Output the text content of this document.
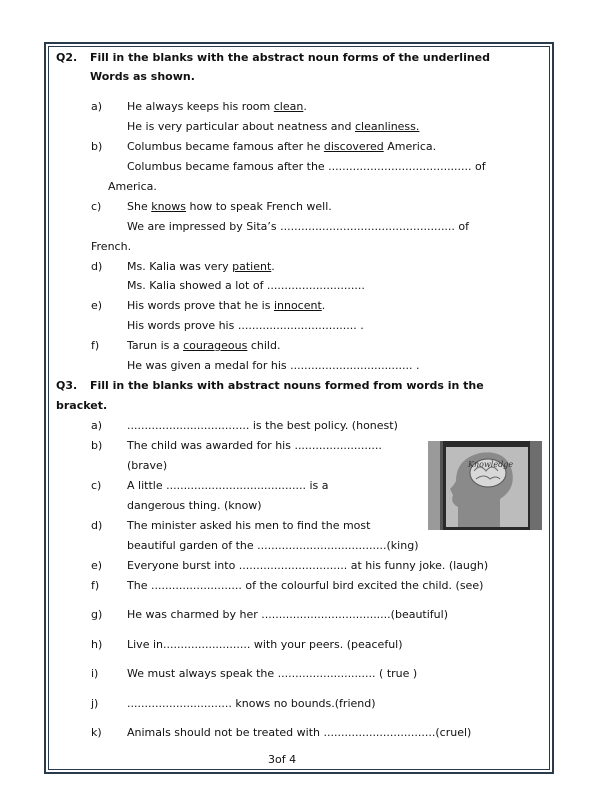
Q2. Fill in the blanks with the abstract noun forms of the underlined
Words as shown.
a) He always keeps his room clean.
He is very particular about neatness and cleanliness.
b) Columbus became famous after he discovered America.
Columbus became famous after the ......................................... of
America.
c) She knows how to speak French well.
We are impressed by Sita’s .................................................. of
French.
d) Ms. Kalia was very patient.
Ms. Kalia showed a lot of ............................
e) His words prove that he is innocent.
His words prove his .................................. .
f)	Tarun is a courageous child.
He was given a medal for his ................................... .
Q3. Fill in the blanks with abstract nouns formed from words in the
bracket.
a) ................................... is the best policy. (honest)
b) The child was awarded for his .........................
(brave)
c) A little ........................................ is a
dangerous thing. (know)
d) The minister asked his men to find the most
beautiful garden of the .....................................(king)
e) Everyone burst into ............................... at his funny joke. (laugh)
f)	The .......................... of the colourful bird excited the child. (see)
g) He was charmed by her .....................................(beautiful)
h) Live in......................... with your peers. (peaceful)
i)	We must always speak the ............................ ( true )
j)	.............................. knows no bounds.(friend)
k) Animals should not be treated with ................................(cruel)
Knowledge
3of 4
